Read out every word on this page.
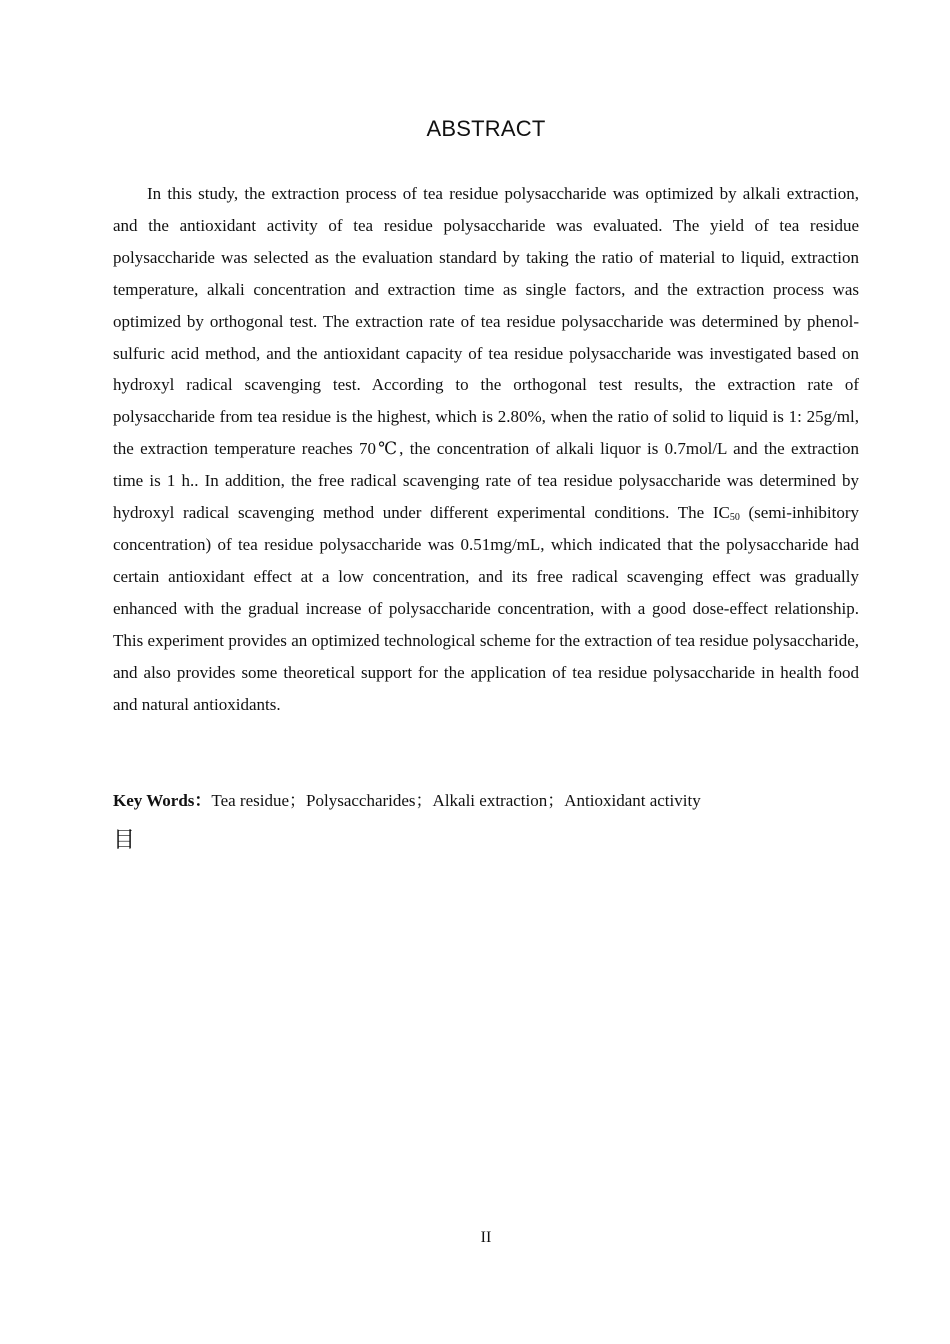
ABSTRACT

In this study, the extraction process of tea residue polysaccharide was optimized by alkali extraction, and the antioxidant activity of tea residue polysaccharide was evaluated. The yield of tea residue polysaccharide was selected as the evaluation standard by taking the ratio of material to liquid, extraction temperature, alkali concentration and extraction time as single factors, and the extraction process was optimized by orthogonal test. The extraction rate of tea residue polysaccharide was determined by phenol-sulfuric acid method, and the antioxidant capacity of tea residue polysaccharide was investigated based on hydroxyl radical scavenging test. According to the orthogonal test results, the extraction rate of polysaccharide from tea residue is the highest, which is 2.80%, when the ratio of solid to liquid is 1: 25g/ml, the extraction temperature reaches 70℃, the concentration of alkali liquor is 0.7mol/L and the extraction time is 1 h.. In addition, the free radical scavenging rate of tea residue polysaccharide was determined by hydroxyl radical scavenging method under different experimental conditions. The $IC_{50}$ (semi-inhibitory concentration) of tea residue polysaccharide was 0.51mg/mL, which indicated that the polysaccharide had certain antioxidant effect at a low concentration, and its free radical scavenging effect was gradually enhanced with the gradual increase of polysaccharide concentration, with a good dose-effect relationship. This experiment provides an optimized technological scheme for the extraction of tea residue polysaccharide, and also provides some theoretical support for the application of tea residue polysaccharide in health food and natural antioxidants.

Key Words：Tea residue；Polysaccharides；Alkali extraction；Antioxidant activity
目
II
